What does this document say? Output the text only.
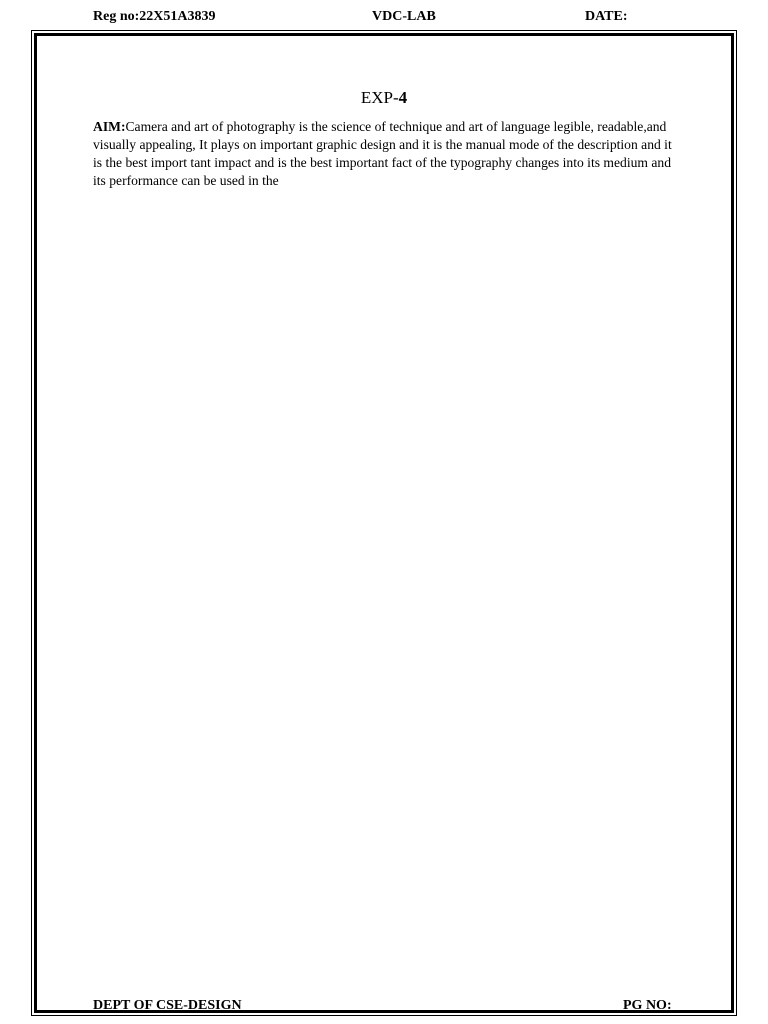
Reg no:22X51A3839	VDC-LAB	DATE:
EXP-4
AIM:Camera and art of photography is the science of technique and art of language legible, readable,and visually appealing, It plays on important graphic design and it is the manual mode of the description and it is the best import tant impact and is the best important fact of the typography changes into its medium and its performance can be used in the
DEPT OF CSE-DESIGN	PG NO:
